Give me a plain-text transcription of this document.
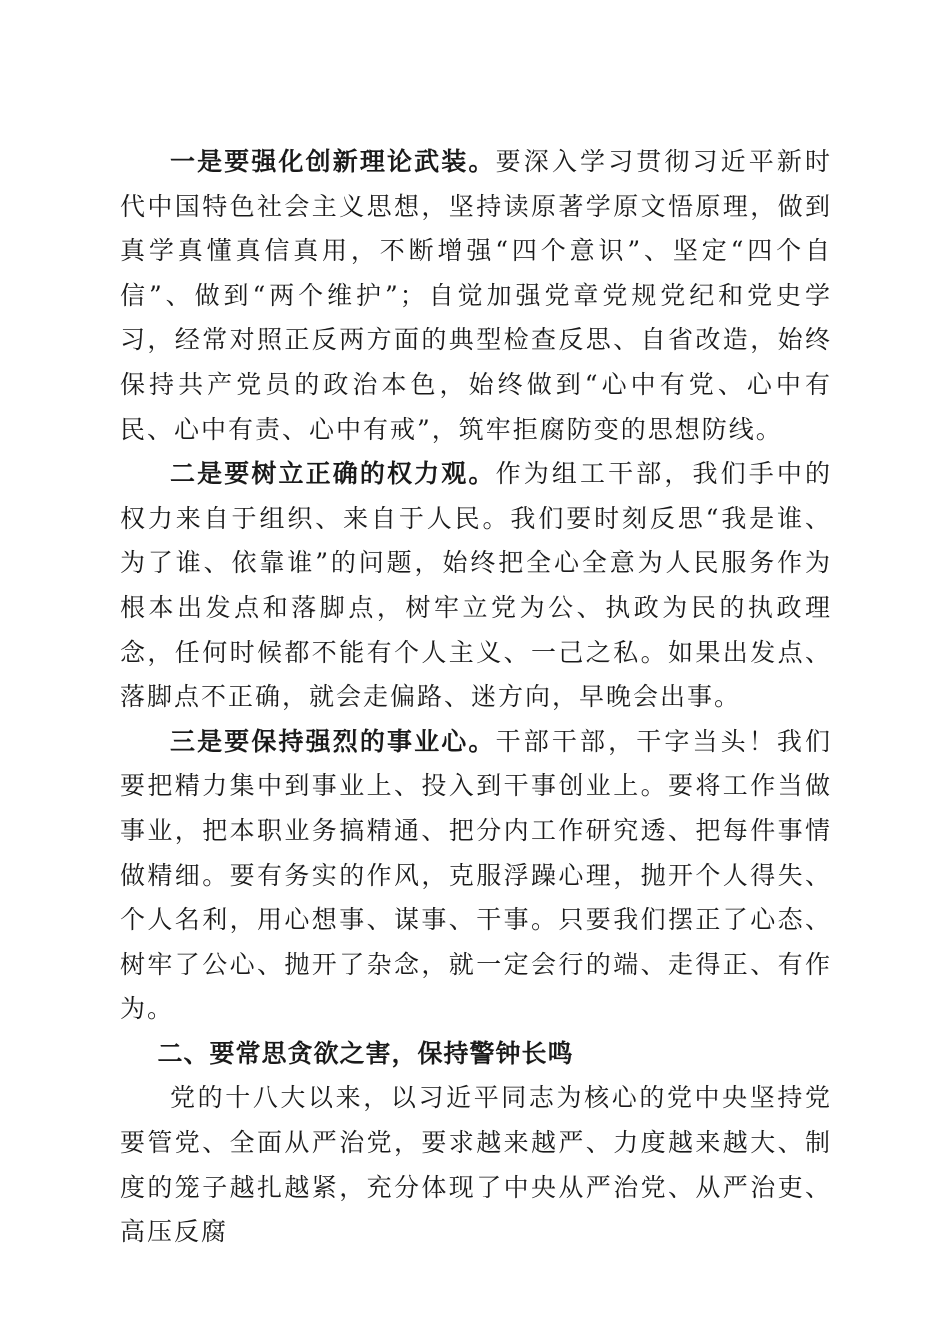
一是要强化创新理论武装。要深入学习贯彻习近平新时代中国特色社会主义思想，坚持读原著学原文悟原理，做到真学真懂真信真用，不断增强“四个意识”、坚定“四个自信”、做到“两个维护”；自觉加强党章党规党纪和党史学习，经常对照正反两方面的典型检查反思、自省改造，始终保持共产党员的政治本色，始终做到“心中有党、心中有民、心中有责、心中有戒”，筑牢拒腐防变的思想防线。

二是要树立正确的权力观。作为组工干部，我们手中的权力来自于组织、来自于人民。我们要时刻反思“我是谁、为了谁、依靠谁”的问题，始终把全心全意为人民服务作为根本出发点和落脚点，树牢立党为公、执政为民的执政理念，任何时候都不能有个人主义、一己之私。如果出发点、落脚点不正确，就会走偏路、迷方向，早晚会出事。

三是要保持强烈的事业心。干部干部，干字当头！我们要把精力集中到事业上、投入到干事创业上。要将工作当做事业，把本职业务搞精通、把分内工作研究透、把每件事情做精细。要有务实的作风，克服浮躁心理，抛开个人得失、个人名利，用心想事、谋事、干事。只要我们摆正了心态、树牢了公心、抛开了杂念，就一定会行的端、走得正、有作为。

二、要常思贪欲之害，保持警钟长鸣

党的十八大以来，以习近平同志为核心的党中央坚持党要管党、全面从严治党，要求越来越严、力度越来越大、制度的笼子越扎越紧，充分体现了中央从严治党、从严治吏、高压反腐
